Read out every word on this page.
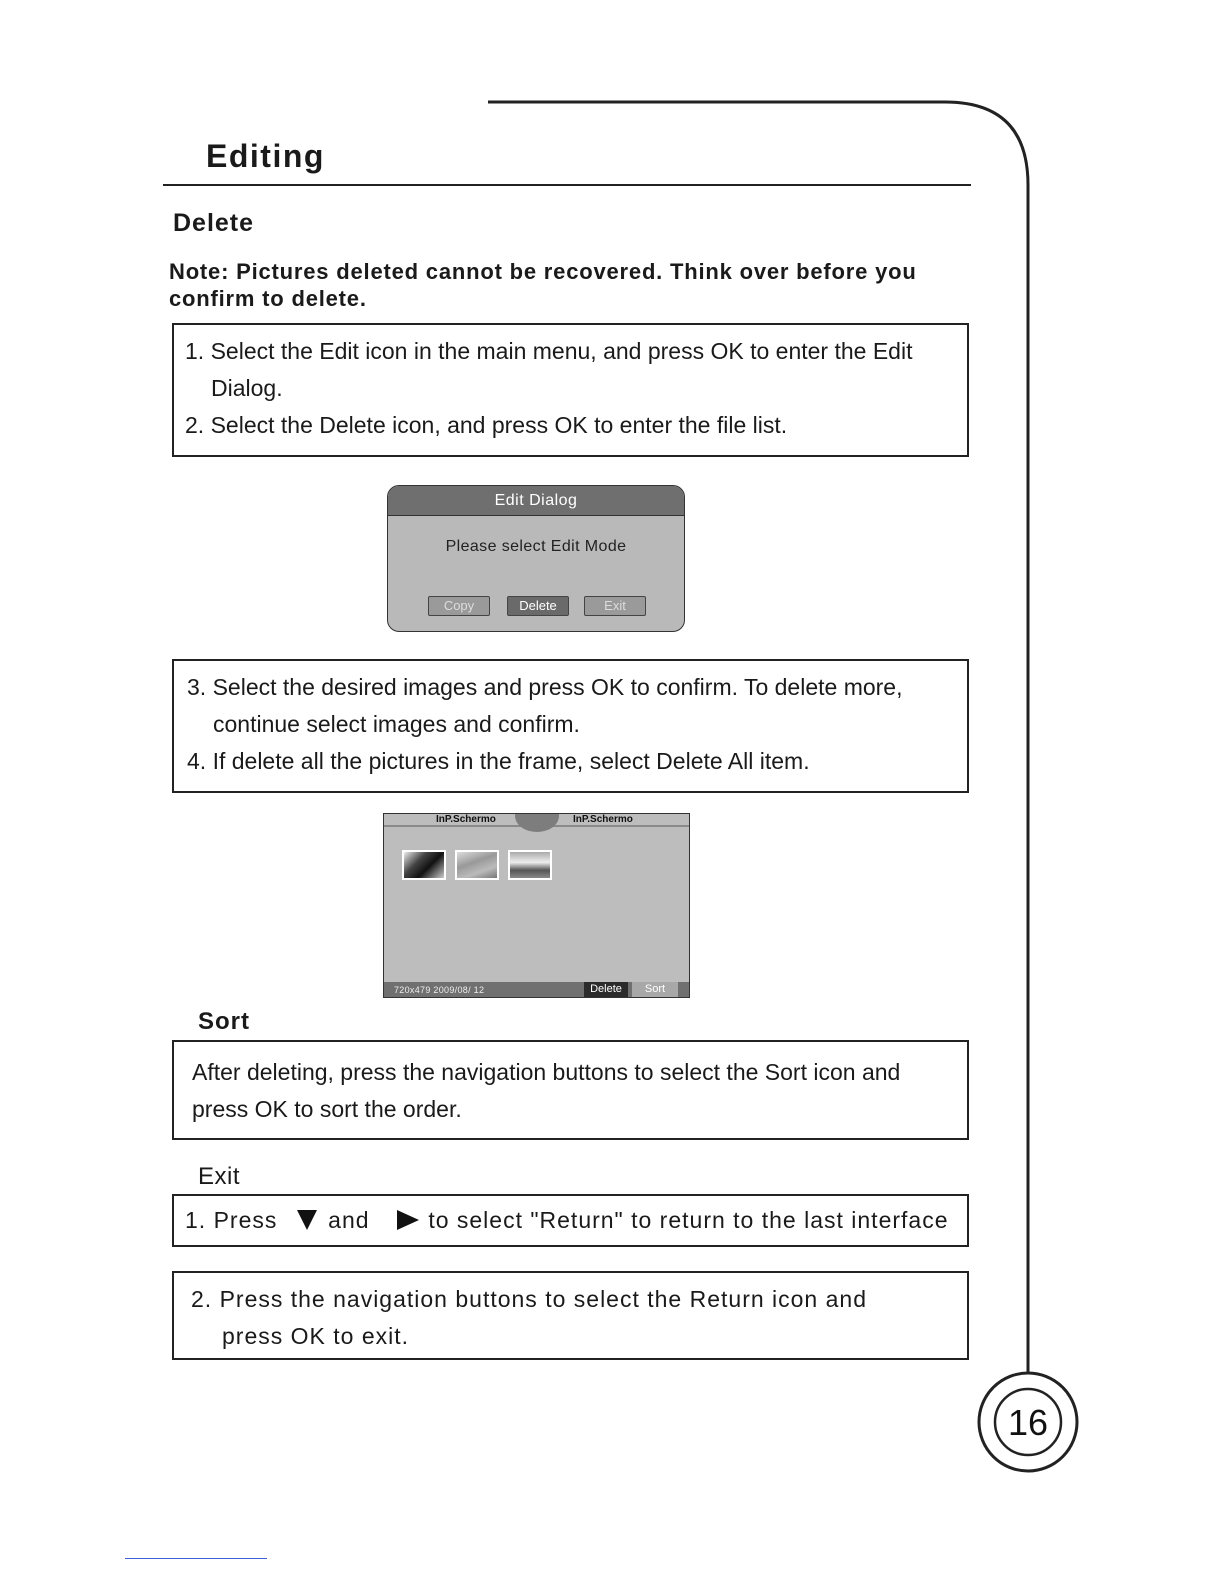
Editing
Delete
Note: Pictures deleted cannot be recovered. Think over before you confirm to delete.

1. Select the Edit icon in the main menu, and press OK to enter the Edit

Dialog.

2. Select the Delete icon, and press OK to enter the file list.

Edit Dialog
Please select Edit Mode
Copy	Delete	Exit

3. Select the desired images and press OK to confirm. To delete more,

continue select images and confirm.

4. If delete all the pictures in the frame, select Delete All item.

InP.Schermo	InP.Schermo
720x479 2009/08/ 12	Delete	Sort
Sort

After deleting, press the navigation buttons to select the Sort icon and

press OK to sort the order.

Exit
1. Press and	to select "Return" to return to the last interface

2. Press the navigation buttons to select the Return icon and

press OK to exit.

16
